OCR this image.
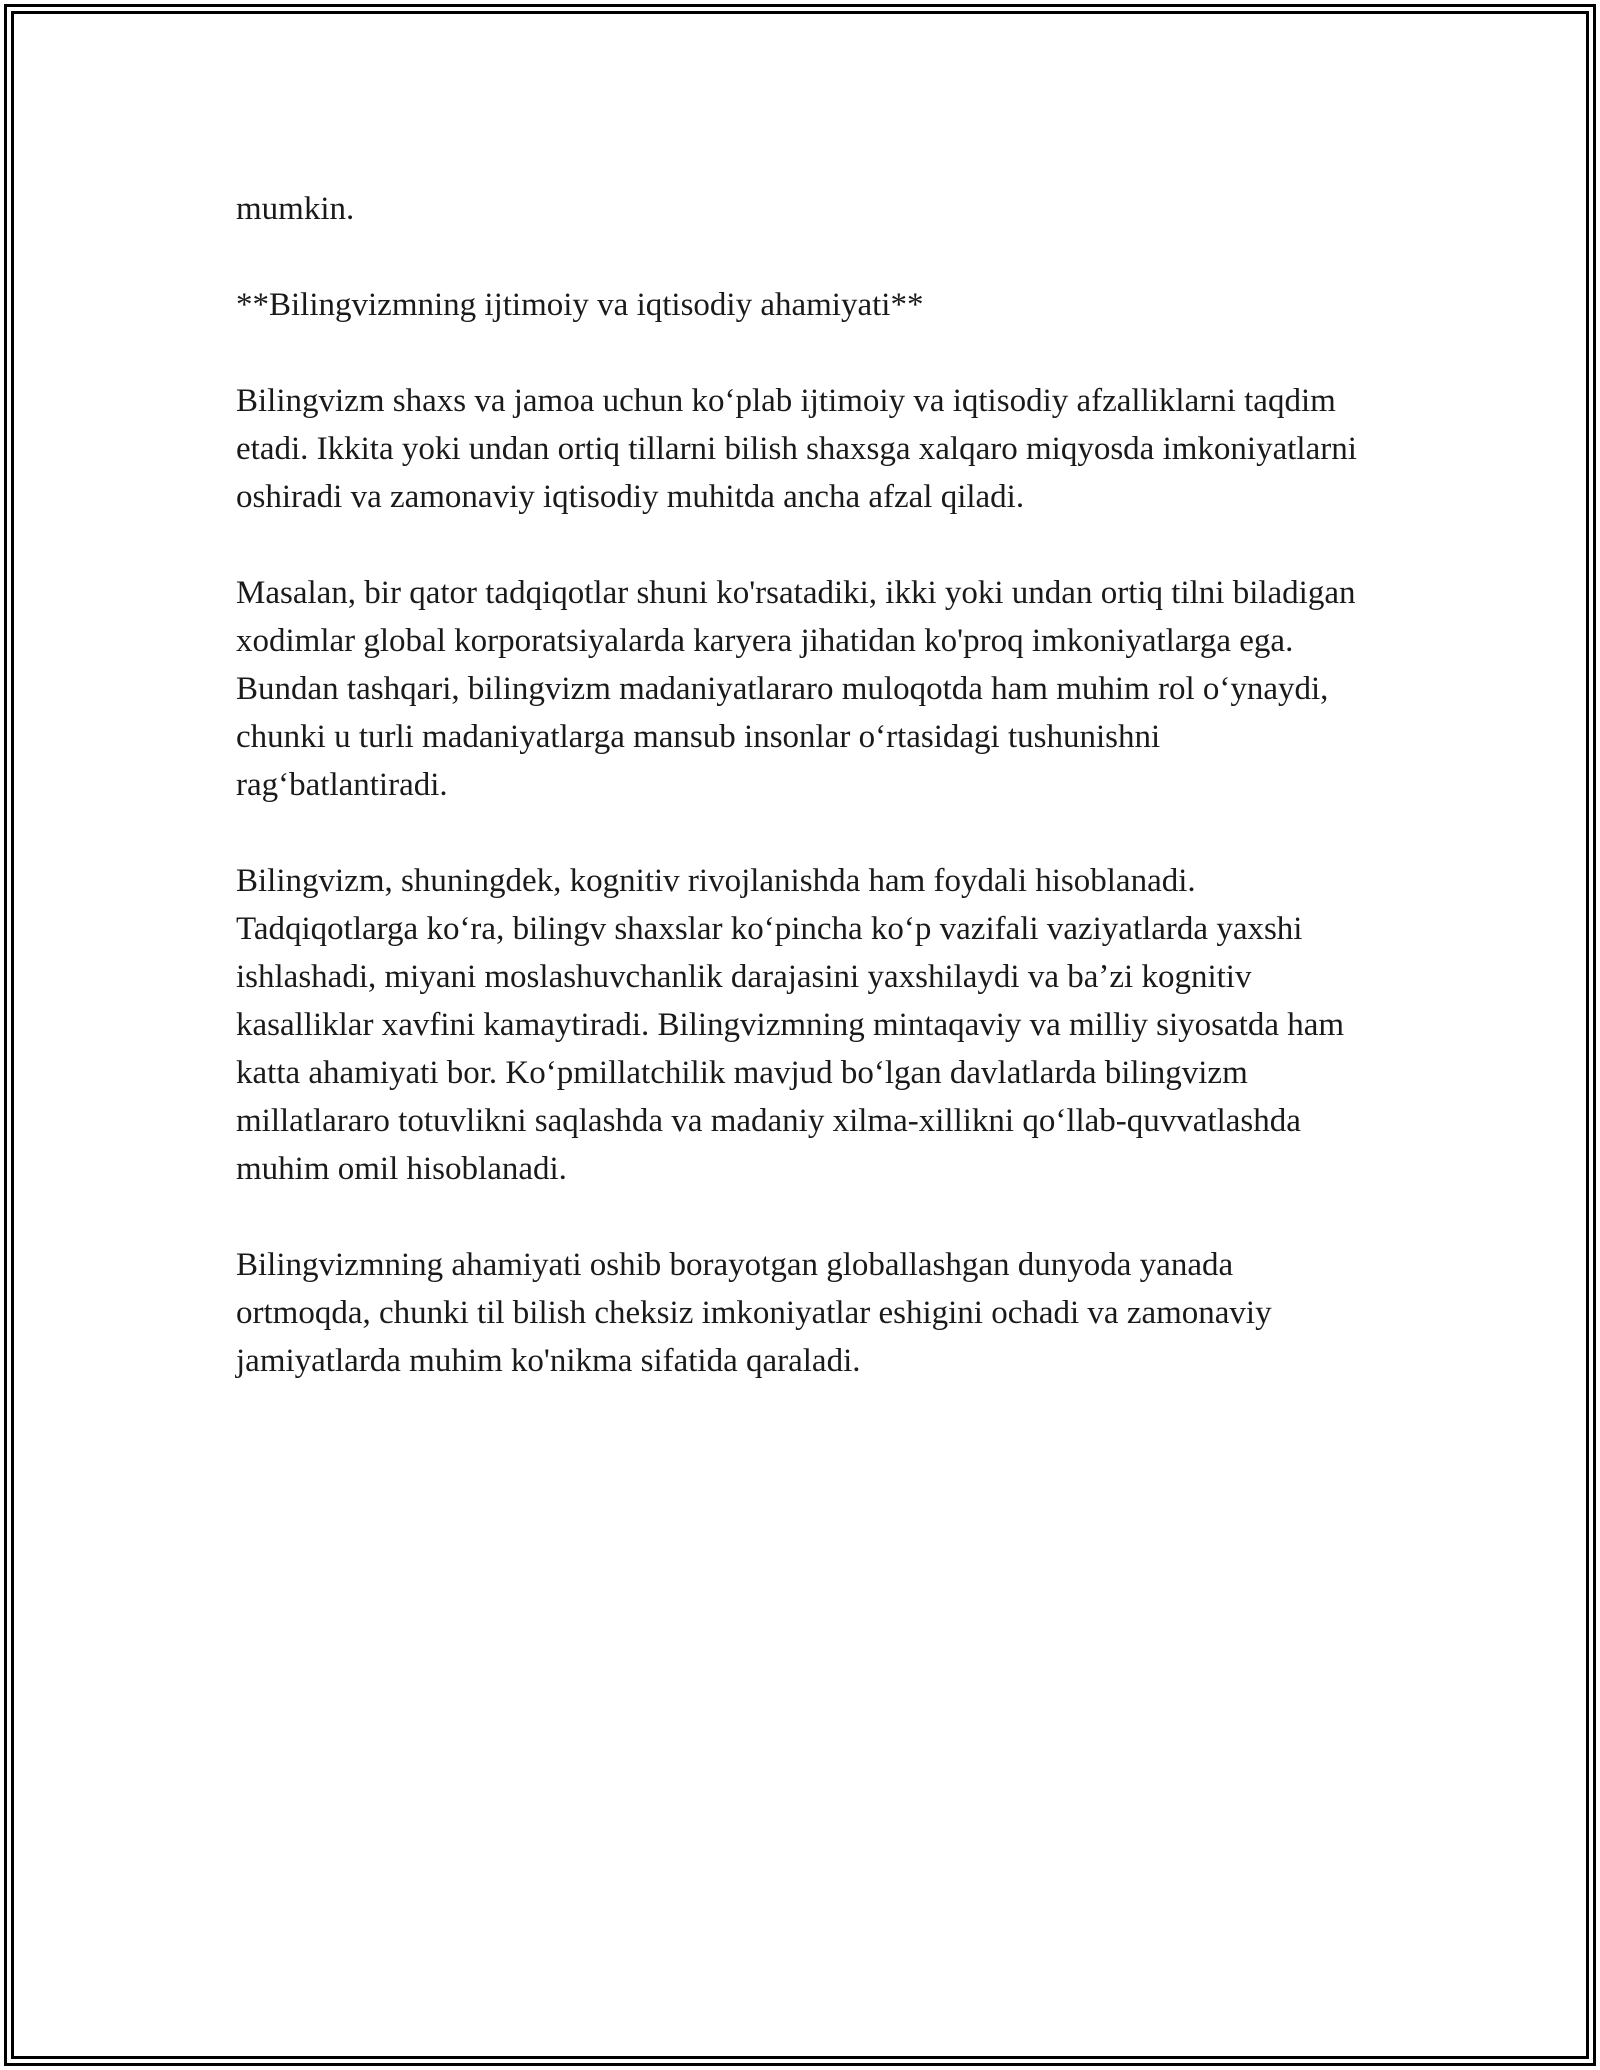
mumkin.

**Bilingvizmning ijtimoiy va iqtisodiy ahamiyati**

Bilingvizm shaxs va jamoa uchun koʻplab ijtimoiy va iqtisodiy afzalliklarni taqdim etadi. Ikkita yoki undan ortiq tillarni bilish shaxsga xalqaro miqyosda imkoniyatlarni oshiradi va zamonaviy iqtisodiy muhitda ancha afzal qiladi.

Masalan, bir qator tadqiqotlar shuni ko'rsatadiki, ikki yoki undan ortiq tilni biladigan xodimlar global korporatsiyalarda karyera jihatidan ko'proq imkoniyatlarga ega. Bundan tashqari, bilingvizm madaniyatlararo muloqotda ham muhim rol oʻynaydi, chunki u turli madaniyatlarga mansub insonlar oʻrtasidagi tushunishni ragʻbatlantiradi.

Bilingvizm, shuningdek, kognitiv rivojlanishda ham foydali hisoblanadi. Tadqiqotlarga koʻra, bilingv shaxslar koʻpincha koʻp vazifali vaziyatlarda yaxshi ishlashadi, miyani moslashuvchanlik darajasini yaxshilaydi va baʼzi kognitiv kasalliklar xavfini kamaytiradi. Bilingvizmning mintaqaviy va milliy siyosatda ham katta ahamiyati bor. Koʻpmillatchilik mavjud boʻlgan davlatlarda bilingvizm millatlararo totuvlikni saqlashda va madaniy xilma-xillikni qoʻllab-quvvatlashda muhim omil hisoblanadi.

Bilingvizmning ahamiyati oshib borayotgan globallashgan dunyoda yanada ortmoqda, chunki til bilish cheksiz imkoniyatlar eshigini ochadi va zamonaviy jamiyatlarda muhim ko'nikma sifatida qaraladi.
